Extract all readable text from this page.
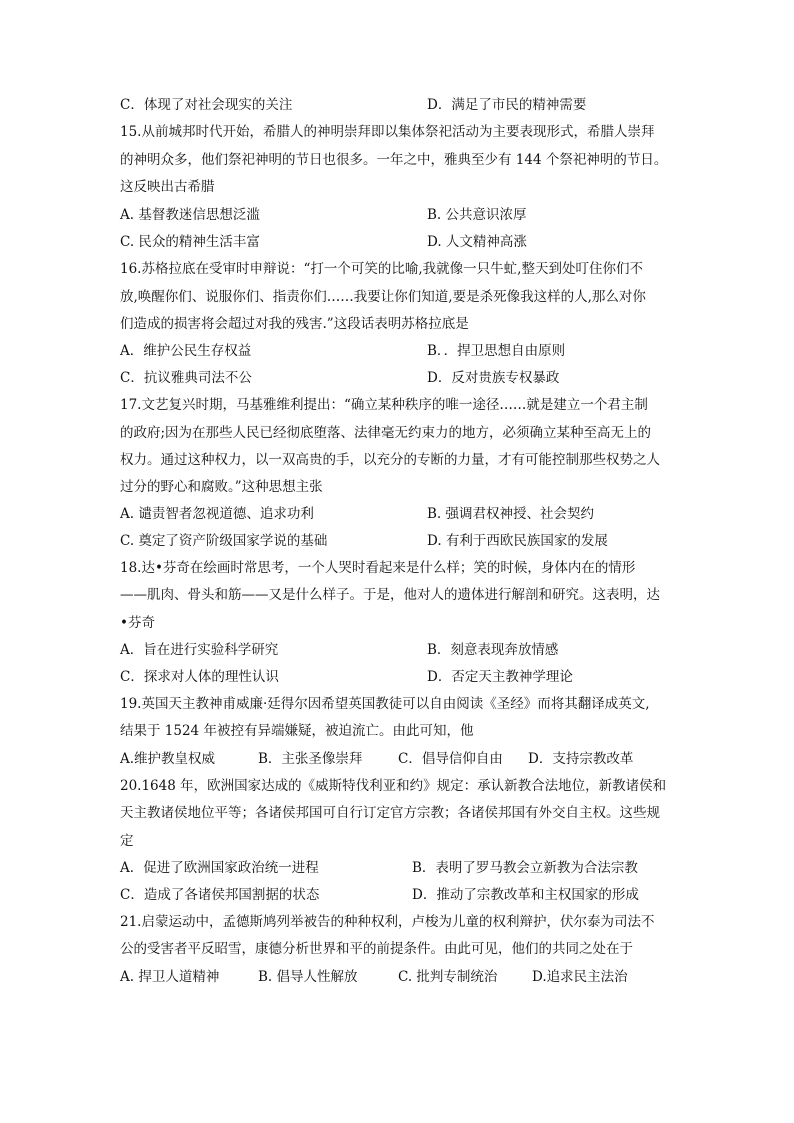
C．体现了对社会现实的关注	D．满足了市民的精神需要
15.从前城邦时代开始，希腊人的神明崇拜即以集体祭祀活动为主要表现形式，希腊人崇拜
的神明众多，他们祭祀神明的节日也很多。一年之中，雅典至少有 144 个祭祀神明的节日。
这反映出古希腊
A. 基督教迷信思想泛滥	B. 公共意识浓厚
C. 民众的精神生活丰富	D. 人文精神高涨
16.苏格拉底在受审时申辩说：“打一个可笑的比喻,我就像一只牛虻,整天到处叮住你们不
放,唤醒你们、说服你们、指责你们……我要让你们知道,要是杀死像我这样的人,那么对你
们造成的损害将会超过对我的残害.”这段话表明苏格拉底是
A．维护公民生存权益	B．．捍卫思想自由原则
C．抗议雅典司法不公	D．反对贵族专权暴政
17.文艺复兴时期，马基雅维利提出：“确立某种秩序的唯一途径……就是建立一个君主制
的政府;因为在那些人民已经彻底堕落、法律毫无约束力的地方，必须确立某种至高无上的
权力。通过这种权力，以一双高贵的手，以充分的专断的力量，才有可能控制那些权势之人
过分的野心和腐败。”这种思想主张
A. 谴责智者忽视道德、追求功利	B. 强调君权神授、社会契约
C. 奠定了资产阶级国家学说的基础	D. 有利于西欧民族国家的发展
18.达•芬奇在绘画时常思考，一个人哭时看起来是什么样；笑的时候，身体内在的情形
——肌肉、骨头和筋——又是什么样子。于是，他对人的遗体进行解剖和研究。这表明，达
•芬奇
A．旨在进行实验科学研究	B．刻意表现奔放情感
C．探求对人体的理性认识	D．否定天主教神学理论
19.英国天主教神甫威廉·廷得尔因希望英国教徒可以自由阅读《圣经》而将其翻译成英文,
结果于 1524 年被控有异端嫌疑，被迫流亡。由此可知，他
A.维护教皇权威	B．主张圣像崇拜	C．倡导信仰自由 D．支持宗教改革
20.1648 年，欧洲国家达成的《威斯特伐利亚和约》规定：承认新教合法地位，新教诸侯和
天主教诸侯地位平等；各诸侯邦国可自行订定官方宗教；各诸侯邦国有外交自主权。这些规
定
A．促进了欧洲国家政治统一进程	B．表明了罗马教会立新教为合法宗教
C．造成了各诸侯邦国割据的状态	D．推动了宗教改革和主权国家的形成
21.启蒙运动中，孟德斯鸠列举被告的种种权利，卢梭为儿童的权利辩护，伏尔泰为司法不
公的受害者平反昭雪，康德分析世界和平的前提条件。由此可见，他们的共同之处在于
A. 捍卫人道精神	B. 倡导人性解放	C. 批判专制统治	D.追求民主法治
